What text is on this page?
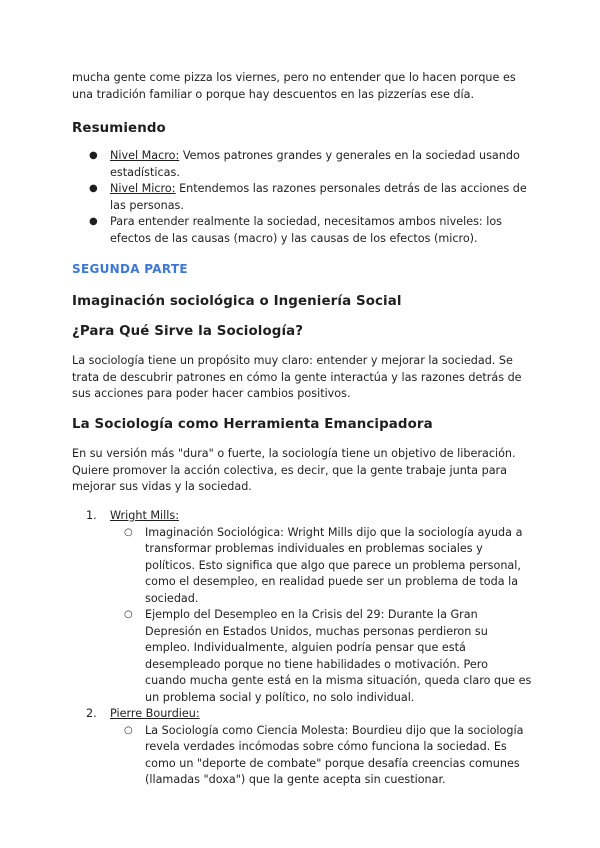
mucha gente come pizza los viernes, pero no entender que lo hacen porque es una tradición familiar o porque hay descuentos en las pizzerías ese día.

Resumiendo
● Nivel Macro: Vemos patrones grandes y generales en la sociedad usando estadísticas.
● Nivel Micro: Entendemos las razones personales detrás de las acciones de las personas.
● Para entender realmente la sociedad, necesitamos ambos niveles: los efectos de las causas (macro) y las causas de los efectos (micro).
SEGUNDA PARTE
Imaginación sociológica o Ingeniería Social
¿Para Qué Sirve la Sociología?

La sociología tiene un propósito muy claro: entender y mejorar la sociedad. Se trata de descubrir patrones en cómo la gente interactúa y las razones detrás de sus acciones para poder hacer cambios positivos.

La Sociología como Herramienta Emancipadora

En su versión más "dura" o fuerte, la sociología tiene un objetivo de liberación. Quiere promover la acción colectiva, es decir, que la gente trabaje junta para mejorar sus vidas y la sociedad.

1. Wright Mills:
○ Imaginación Sociológica: Wright Mills dijo que la sociología ayuda a transformar problemas individuales en problemas sociales y políticos. Esto significa que algo que parece un problema personal, como el desempleo, en realidad puede ser un problema de toda la sociedad.
○ Ejemplo del Desempleo en la Crisis del 29: Durante la Gran Depresión en Estados Unidos, muchas personas perdieron su empleo. Individualmente, alguien podría pensar que está desempleado porque no tiene habilidades o motivación. Pero cuando mucha gente está en la misma situación, queda claro que es un problema social y político, no solo individual.
2. Pierre Bourdieu:
○ La Sociología como Ciencia Molesta: Bourdieu dijo que la sociología revela verdades incómodas sobre cómo funciona la sociedad. Es como un "deporte de combate" porque desafía creencias comunes (llamadas "doxa") que la gente acepta sin cuestionar.
